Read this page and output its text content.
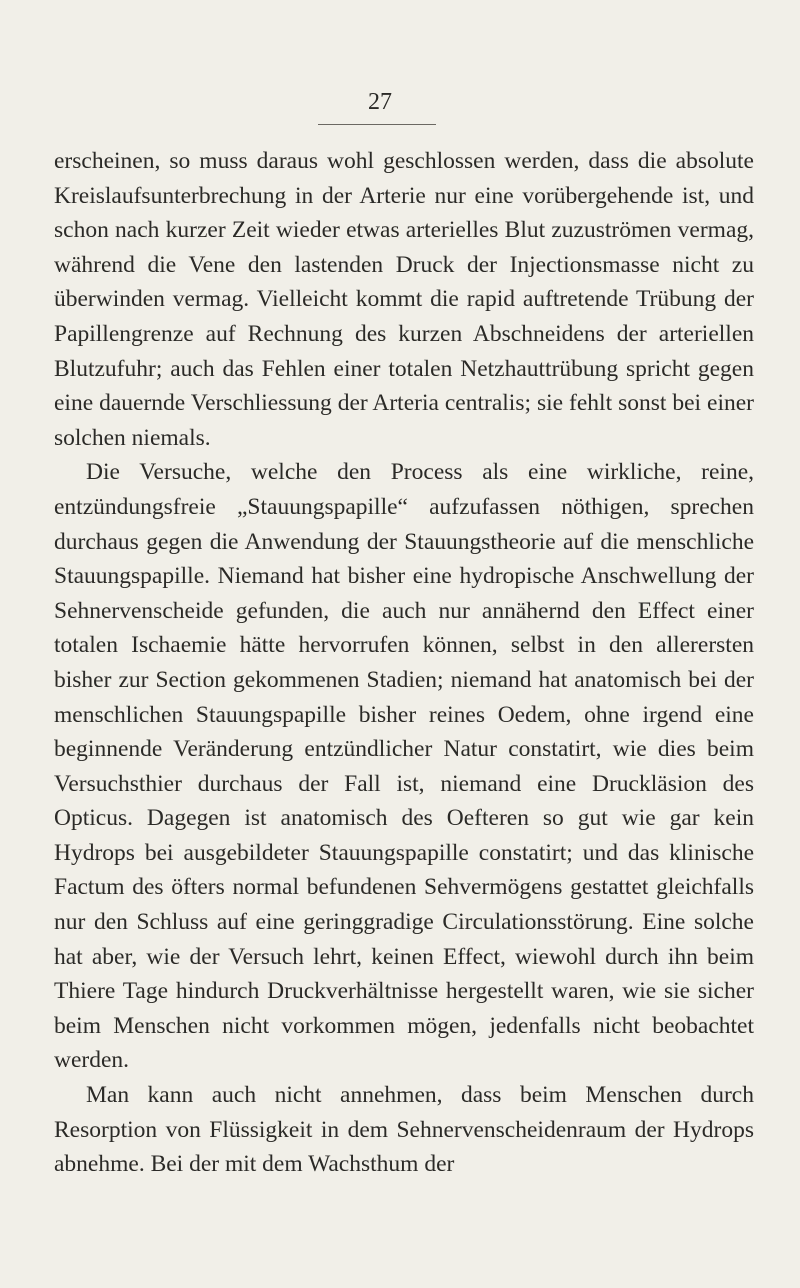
27

erscheinen, so muss daraus wohl geschlossen werden, dass die absolute Kreislaufsunterbrechung in der Arterie nur eine vorübergehende ist, und schon nach kurzer Zeit wieder etwas arterielles Blut zuzuströmen vermag, während die Vene den lastenden Druck der Injectionsmasse nicht zu überwinden vermag. Vielleicht kommt die rapid auftretende Trübung der Papillengrenze auf Rechnung des kurzen Abschneidens der arteriellen Blutzufuhr; auch das Fehlen einer totalen Netzhauttrübung spricht gegen eine dauernde Verschliessung der Arteria centralis; sie fehlt sonst bei einer solchen niemals.

Die Versuche, welche den Process als eine wirkliche, reine, entzündungsfreie „Stauungspapille“ aufzufassen nöthigen, sprechen durchaus gegen die Anwendung der Stauungstheorie auf die menschliche Stauungspapille. Niemand hat bisher eine hydropische Anschwellung der Sehnervenscheide gefunden, die auch nur annähernd den Effect einer totalen Ischaemie hätte hervorrufen können, selbst in den allerersten bisher zur Section gekommenen Stadien; niemand hat anatomisch bei der menschlichen Stauungspapille bisher reines Oedem, ohne irgend eine beginnende Veränderung entzündlicher Natur constatirt, wie dies beim Versuchsthier durchaus der Fall ist, niemand eine Druckläsion des Opticus. Dagegen ist anatomisch des Oefteren so gut wie gar kein Hydrops bei ausgebildeter Stauungspapille constatirt; und das klinische Factum des öfters normal befundenen Sehvermögens gestattet gleichfalls nur den Schluss auf eine geringgradige Circulationsstörung. Eine solche hat aber, wie der Versuch lehrt, keinen Effect, wiewohl durch ihn beim Thiere Tage hindurch Druckverhältnisse hergestellt waren, wie sie sicher beim Menschen nicht vorkommen mögen, jedenfalls nicht beobachtet werden.

Man kann auch nicht annehmen, dass beim Menschen durch Resorption von Flüssigkeit in dem Sehnervenscheidenraum der Hydrops abnehme. Bei der mit dem Wachsthum der
